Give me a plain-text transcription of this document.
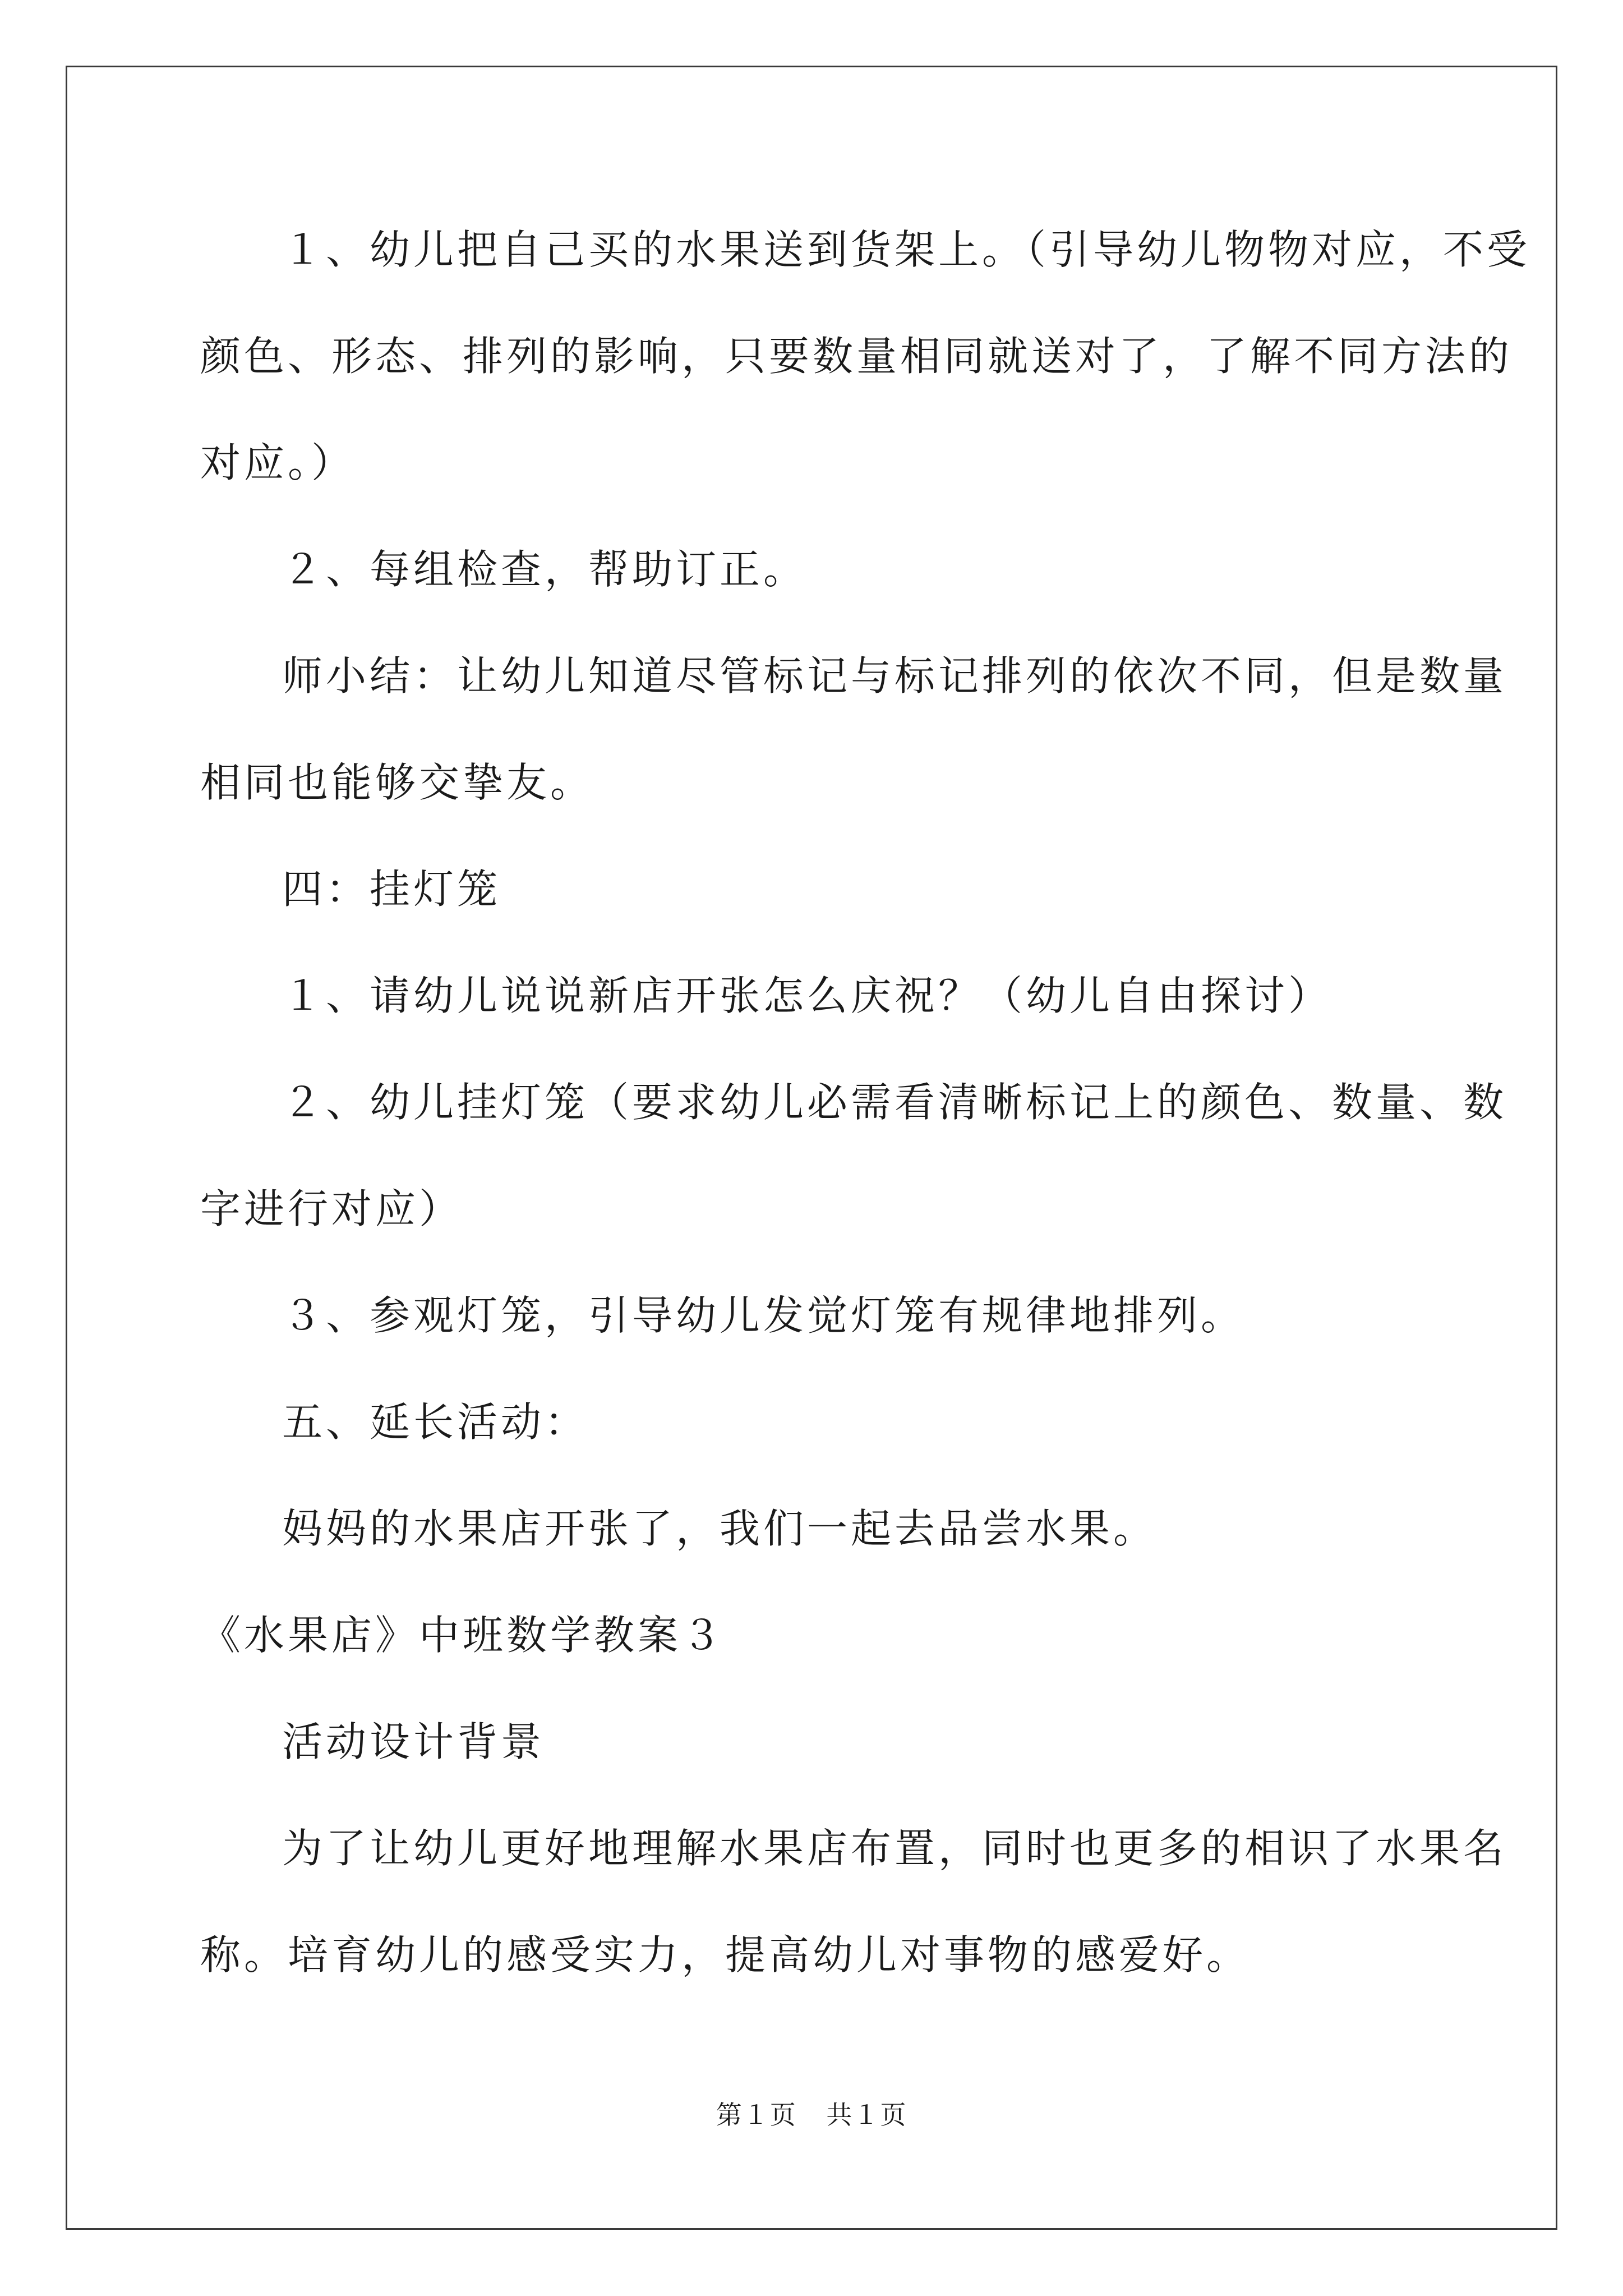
１、幼儿把自己买的水果送到货架上。（引导幼儿物物对应，不受
颜色、形态、排列的影响，只要数量相同就送对了，了解不同方法的
对应。）
２、每组检查，帮助订正。
师小结：让幼儿知道尽管标记与标记排列的依次不同，但是数量
相同也能够交挚友。
四：挂灯笼
１、请幼儿说说新店开张怎么庆祝？（幼儿自由探讨）
２、幼儿挂灯笼（要求幼儿必需看清晰标记上的颜色、数量、数
字进行对应）
３、参观灯笼，引导幼儿发觉灯笼有规律地排列。
五、延长活动：
妈妈的水果店开张了，我们一起去品尝水果。
《水果店》中班数学教案３
活动设计背景
为了让幼儿更好地理解水果店布置，同时也更多的相识了水果名
称。培育幼儿的感受实力，提高幼儿对事物的感爱好。
第１页 共１页
